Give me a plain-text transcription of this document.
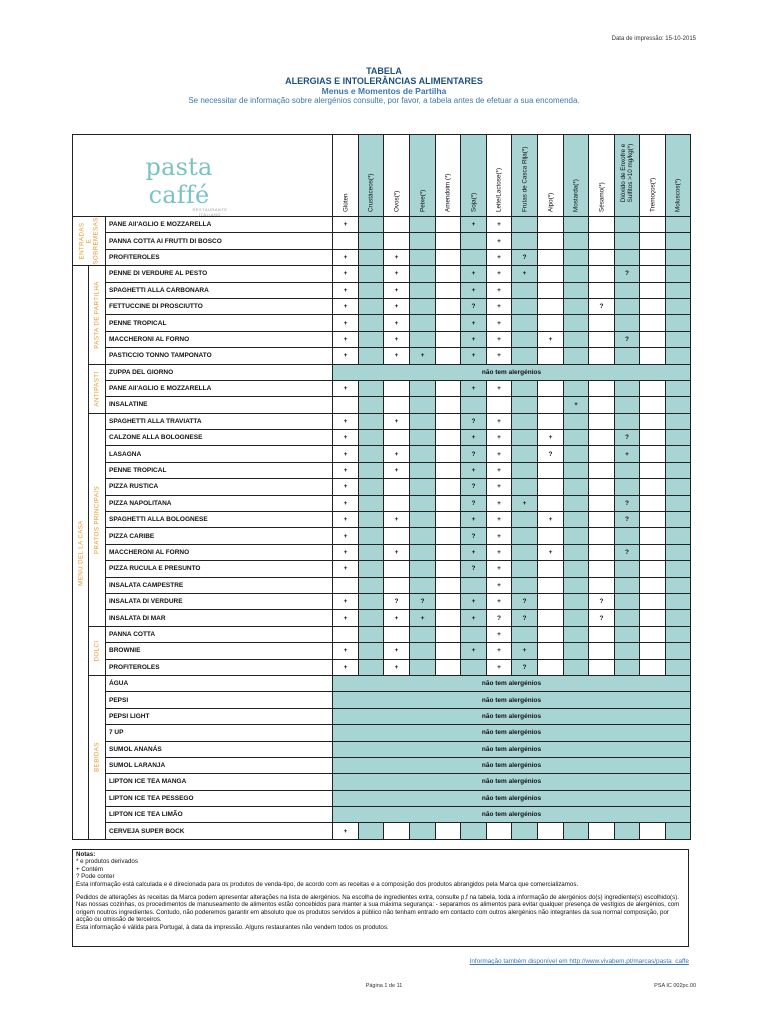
Data de impressão: 15-10-2015
TABELA
ALERGIAS E INTOLERÂNCIAS ALIMENTARES
Menus e Momentos de Partilha
Se necessitar de informação sobre alergénios consulte, por favor, a tabela antes de efetuar a sua encomenda.
pasta caffé
RESTAURANTE ITALIANO			Glúten	Crustáceos(*)	Ovos(*)	Peixe(*)	Amendoim (*)	Soja(*)	Leite/Lactose(*)	Frutas de Casca Rija(*)	Aipo(*)	Mostarda(*)	Sésamo(*)	Dióxido de Enxofre e Sulfitos >10 mg/kg(*)	Tremoços(*)	Moluscos(*)

ENTRADAS
E
SOBREMESAS		PANE All'AGLIO E MOZZARELLA	+					+	+							
		PANNA COTTA AI FRUTTI DI BOSCO							+							
		PROFITEROLES	+		+				+	?						

MENU DEL LA CASA	PASTA DE PARTILHA	PENNE DI VERDURE AL PESTO	+		+			+	+	+				?		
		SPAGHETTI ALLA CARBONARA	+		+			+	+							
		FETTUCCINE DI PROSCIUTTO	+		+			?	+				?			
		PENNE TROPICAL	+		+			+	+							
		MACCHERONI AL FORNO	+		+			+	+		+			?		
		PASTICCIO TONNO TAMPONATO	+		+	+		+	+							

	ANTIPASTI	ZUPPA DEL GIORNO	não tem alergénios													
		PANE All'AGLIO E MOZZARELLA	+					+	+							
		INSALATINE										+				

	PRATOS PRINCIPAIS	SPAGHETTI ALLA TRAVIATTA	+		+			?	+							
		CALZONE ALLA BOLOGNESE	+					+	+		+			?		
		LASAGNA	+		+			?	+		?			+		
		PENNE TROPICAL	+		+			+	+							
		PIZZA RUSTICA	+					?	+							
		PIZZA NAPOLITANA	+					?	+	+				?		
		SPAGHETTI ALLA BOLOGNESE	+		+			+	+		+			?		
		PIZZA CARIBE	+					?	+							
		MACCHERONI AL FORNO	+		+			+	+		+			?		
		PIZZA RUCULA E PRESUNTO	+					?	+							
		INSALATA CAMPESTRE							+							
		INSALATA DI VERDURE	+		?	?		+	+	?			?			
		INSALATA DI MAR	+		+	+		+	?	?			?			

	DOLCI	PANNA COTTA							+							
		BROWNIE	+		+			+	+	+						
		PROFITEROLES	+		+				+	?						

	BEBIDAS	ÁGUA	não tem alergénios													
		PEPSI	não tem alergénios													
		PEPSI LIGHT	não tem alergénios													
		7 UP	não tem alergénios													
		SUMOL ANANÁS	não tem alergénios													
		SUMOL LARANJA	não tem alergénios													
		LIPTON ICE TEA MANGA	não tem alergénios													
		LIPTON ICE TEA PESSEGO	não tem alergénios													
		LIPTON ICE TEA LIMÃO	não tem alergénios													
		CERVEJA SUPER BOCK	+													
Notas:
* e produtos derivados
+ Contém
? Pode conter
Esta informação está calculada e é direcionada para os produtos de venda-tipo, de acordo com as receitas e a composição dos produtos abrangidos pela Marca que comercializamos.
Pedidos de alterações às receitas da Marca podem apresentar alterações na lista de alergénios. Na escolha de ingredientes extra, consulte p.f na tabela, toda a informação de alergénios do(s) ingrediente(s) escolhido(s).
Nas nossas cozinhas, os procedimentos de manuseamento de alimentos estão concebidos para manter a sua máxima segurança: - separamos os alimentos para evitar qualquer presença de vestígios de alergénios, com origem noutros ingredientes. Contudo, não poderemos garantir em absoluto que os produtos servidos a público não tenham entrado em contacto com outros alergénios não integrantes da sua normal composição, por acção ou omissão de terceiros.
Esta informação é válida para Portugal, à data da impressão. Alguns restaurantes não vendem todos os produtos.
Informação também disponível em http://www.vivabem.pt/marcas/pasta_caffe
Página 1 de 11	PSA IC 002pc.00
